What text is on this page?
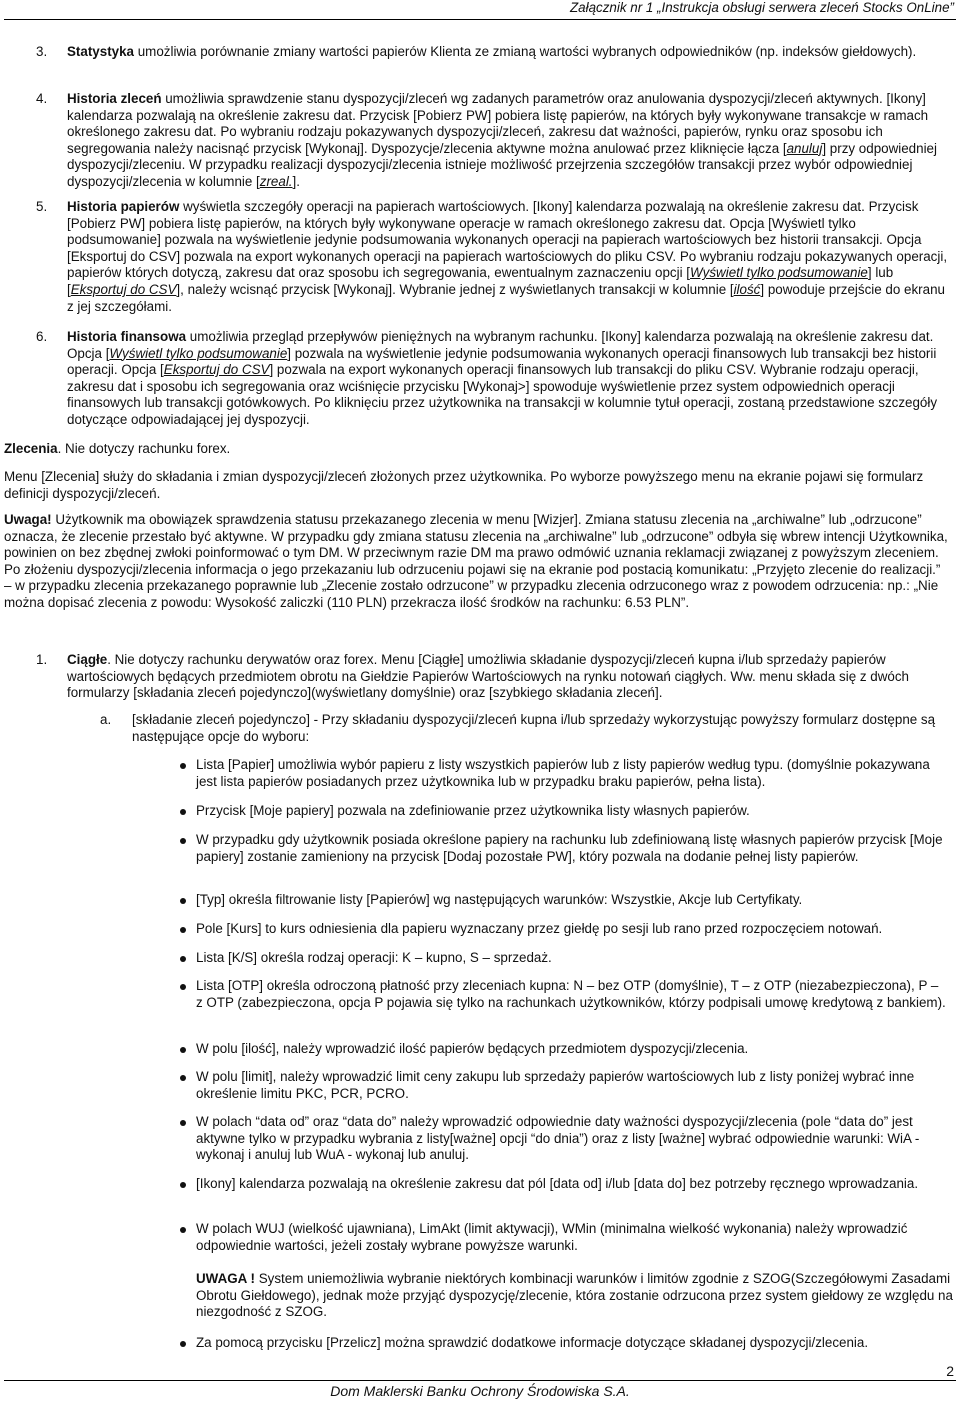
Załącznik nr 1 „Instrukcja obsługi serwera zleceń Stocks OnLine”
3. Statystyka umożliwia porównanie zmiany wartości papierów Klienta ze zmianą wartości wybranych odpowiedników (np. indeksów giełdowych).
4. Historia zleceń umożliwia sprawdzenie stanu dyspozycji/zleceń wg zadanych parametrów oraz anulowania dyspozycji/zleceń aktywnych. [Ikony] kalendarza pozwalają na określenie zakresu dat. Przycisk [Pobierz PW] pobiera listę papierów, na których były wykonywane transakcje w ramach określonego zakresu dat. Po wybraniu rodzaju pokazywanych dyspozycji/zleceń, zakresu dat ważności, papierów, rynku oraz sposobu ich segregowania należy nacisnąć przycisk [Wykonaj]. Dyspozycje/zlecenia aktywne można anulować przez kliknięcie łącza [anuluj] przy odpowiedniej dyspozycji/zleceniu. W przypadku realizacji dyspozycji/zlecenia istnieje możliwość przejrzenia szczegółów transakcji przez wybór odpowiedniej dyspozycji/zlecenia w kolumnie [zreal.].
5. Historia papierów wyświetla szczegóły operacji na papierach wartościowych. [Ikony] kalendarza pozwalają na określenie zakresu dat. Przycisk [Pobierz PW] pobiera listę papierów, na których były wykonywane operacje w ramach określonego zakresu dat. Opcja [Wyświetl tylko podsumowanie] pozwala na wyświetlenie jedynie podsumowania wykonanych operacji na papierach wartościowych bez historii transakcji. Opcja [Eksportuj do CSV] pozwala na export wykonanych operacji na papierach wartościowych do pliku CSV. Po wybraniu rodzaju pokazywanych operacji, papierów których dotyczą, zakresu dat oraz sposobu ich segregowania, ewentualnym zaznaczeniu opcji [Wyświetl tylko podsumowanie] lub [Eksportuj do CSV], należy wcisnąć przycisk [Wykonaj]. Wybranie jednej z wyświetlanych transakcji w kolumnie [ilość] powoduje przejście do ekranu z jej szczegółami.
6. Historia finansowa umożliwia przegląd przepływów pieniężnych na wybranym rachunku. [Ikony] kalendarza pozwalają na określenie zakresu dat. Opcja [Wyświetl tylko podsumowanie] pozwala na wyświetlenie jedynie podsumowania wykonanych operacji finansowych lub transakcji bez historii operacji. Opcja [Eksportuj do CSV] pozwala na export wykonanych operacji finansowych lub transakcji do pliku CSV. Wybranie rodzaju operacji, zakresu dat i sposobu ich segregowania oraz wciśnięcie przycisku [Wykonaj>] spowoduje wyświetlenie przez system odpowiednich operacji finansowych lub transakcji gotówkowych. Po kliknięciu przez użytkownika na transakcji w kolumnie tytuł operacji, zostaną przedstawione szczegóły dotyczące odpowiadającej jej dyspozycji.
Zlecenia. Nie dotyczy rachunku forex.
Menu [Zlecenia] służy do składania i zmian dyspozycji/zleceń złożonych przez użytkownika. Po wyborze powyższego menu na ekranie pojawi się formularz definicji dyspozycji/zleceń.
Uwaga! Użytkownik ma obowiązek sprawdzenia statusu przekazanego zlecenia w menu [Wizjer]. Zmiana statusu zlecenia na „archiwalne” lub „odrzucone” oznacza, że zlecenie przestało być aktywne. W przypadku gdy zmiana statusu zlecenia na „archiwalne” lub „odrzucone” odbyła się wbrew intencji Użytkownika, powinien on bez zbędnej zwłoki poinformować o tym DM. W przeciwnym razie DM ma prawo odmówić uznania reklamacji związanej z powyższym zleceniem. Po złożeniu dyspozycji/zlecenia informacja o jego przekazaniu lub odrzuceniu pojawi się na ekranie pod postacią komunikatu: „Przyjęto zlecenie do realizacji.” – w przypadku zlecenia przekazanego poprawnie lub „Zlecenie zostało odrzucone” w przypadku zlecenia odrzuconego wraz z powodem odrzucenia: np.: „Nie można dopisać zlecenia z powodu: Wysokość zaliczki (110 PLN) przekracza ilość środków na rachunku: 6.53 PLN”.
1. Ciągłe. Nie dotyczy rachunku derywatów oraz forex. Menu [Ciągłe] umożliwia składanie dyspozycji/zleceń kupna i/lub sprzedaży papierów wartościowych będących przedmiotem obrotu na Giełdzie Papierów Wartościowych na rynku notowań ciągłych. Ww. menu składa się z dwóch formularzy [składania zleceń pojedynczo](wyświetlany domyślnie) oraz [szybkiego składania zleceń].
a. [składanie zleceń pojedynczo] - Przy składaniu dyspozycji/zleceń kupna i/lub sprzedaży wykorzystując powyższy formularz dostępne są następujące opcje do wyboru:
Lista [Papier] umożliwia wybór papieru z listy wszystkich papierów lub z listy papierów według typu. (domyślnie pokazywana jest lista papierów posiadanych przez użytkownika lub w przypadku braku papierów, pełna lista).
Przycisk [Moje papiery] pozwala na zdefiniowanie przez użytkownika listy własnych papierów.
W przypadku gdy użytkownik posiada określone papiery na rachunku lub zdefiniowaną listę własnych papierów przycisk [Moje papiery] zostanie zamieniony na przycisk [Dodaj pozostałe PW], który pozwala na dodanie pełnej listy papierów.
[Typ] określa filtrowanie listy [Papierów] wg następujących warunków: Wszystkie, Akcje lub Certyfikaty.
Pole [Kurs] to kurs odniesienia dla papieru wyznaczany przez giełdę po sesji lub rano przed rozpoczęciem notowań.
Lista [K/S] określa rodzaj operacji: K – kupno, S – sprzedaż.
Lista [OTP] określa odroczoną płatność przy zleceniach kupna: N – bez OTP (domyślnie), T – z OTP (niezabezpieczona), P – z OTP (zabezpieczona, opcja P pojawia się tylko na rachunkach użytkowników, którzy podpisali umowę kredytową z bankiem).
W polu [ilość], należy wprowadzić ilość papierów będących przedmiotem dyspozycji/zlecenia.
W polu [limit], należy wprowadzić limit ceny zakupu lub sprzedaży papierów wartościowych lub z listy poniżej wybrać inne określenie limitu PKC, PCR, PCRO.
W polach “data od” oraz “data do” należy wprowadzić odpowiednie daty ważności dyspozycji/zlecenia (pole “data do” jest aktywne tylko w przypadku wybrania z listy[ważne] opcji “do dnia”) oraz z listy [ważne] wybrać odpowiednie warunki: WiA - wykonaj i anuluj lub WuA - wykonaj lub anuluj.
[Ikony] kalendarza pozwalają na określenie zakresu dat pól [data od] i/lub [data do] bez potrzeby ręcznego wprowadzania.
W polach WUJ (wielkość ujawniana), LimAkt (limit aktywacji), WMin (minimalna wielkość wykonania) należy wprowadzić odpowiednie wartości, jeżeli zostały wybrane powyższe warunki.
UWAGA ! System uniemożliwia wybranie niektórych kombinacji warunków i limitów zgodnie z SZOG(Szczegółowymi Zasadami Obrotu Giełdowego), jednak może przyjąć dyspozycję/zlecenie, która zostanie odrzucona przez system giełdowy ze względu na niezgodność z SZOG.
Za pomocą przycisku [Przelicz] można sprawdzić dodatkowe informacje dotyczące składanej dyspozycji/zlecenia.
2
Dom Maklerski Banku Ochrony Środowiska S.A.
